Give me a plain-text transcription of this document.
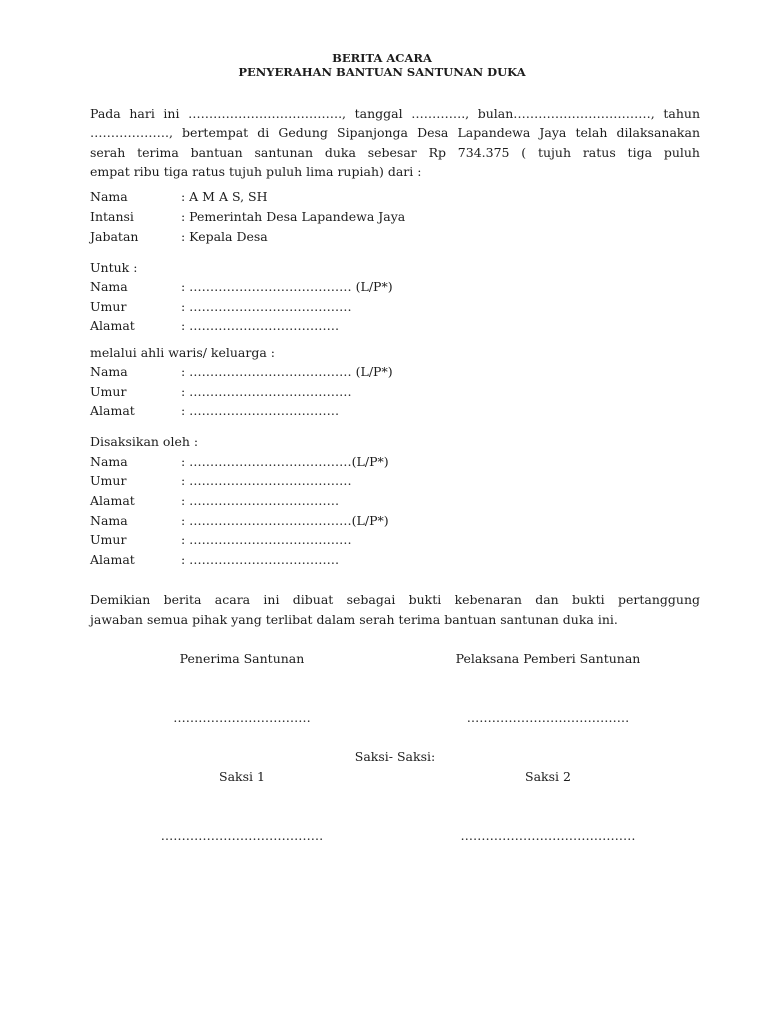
BERITA ACARA
PENYERAHAN BANTUAN SANTUNAN DUKA
Pada hari ini ………………………………., tanggal …………., bulan……………………………, tahun
………………., bertempat di Gedung Sipanjonga Desa Lapandewa Jaya telah dilaksanakan
serah terima bantuan santunan duka sebesar Rp 734.375 ( tujuh ratus tiga puluh
empat ribu tiga ratus tujuh puluh lima rupiah) dari :
Nama	: A M A S, SH
Intansi	: Pemerintah Desa Lapandewa Jaya
Jabatan	: Kepala Desa
Untuk :
Nama	: ………………………………… (L/P*)
Umur	: …………………………………
Alamat	: ………………………………
melalui ahli waris/ keluarga :
Nama	: ………………………………… (L/P*)
Umur	: …………………………………
Alamat	: ………………………………
Disaksikan oleh :
Nama	: …………………………………(L/P*)
Umur	: …………………………………
Alamat	: ………………………………
Nama	: …………………………………(L/P*)
Umur	: …………………………………
Alamat	: ………………………………
Demikian berita acara ini dibuat sebagai bukti kebenaran dan bukti pertanggung
jawaban semua pihak yang terlibat dalam serah terima bantuan santunan duka ini.
Penerima Santunan	Pelaksana Pemberi Santunan
……………………………	…………………………………
Saksi- Saksi:
Saksi 1	Saksi 2
…………………………………	……………………………………
